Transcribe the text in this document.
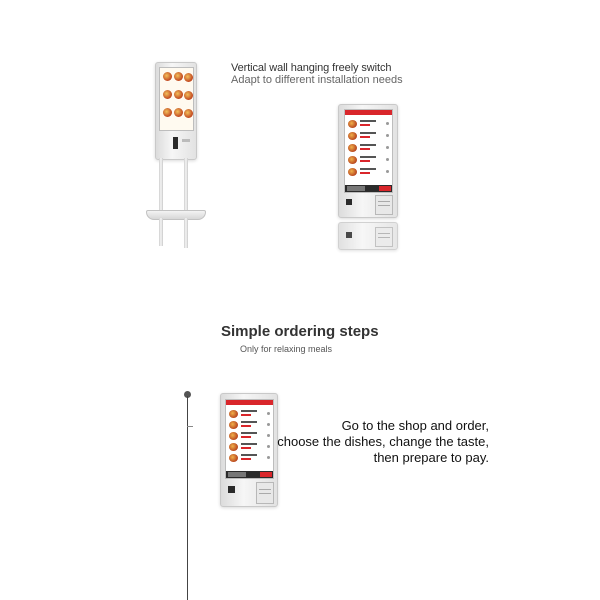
Vertical wall hanging freely switch
Adapt to different installation needs
Simple ordering steps
Only for relaxing meals
Go to the shop and order,
choose the dishes, change the taste,
then prepare to pay.
